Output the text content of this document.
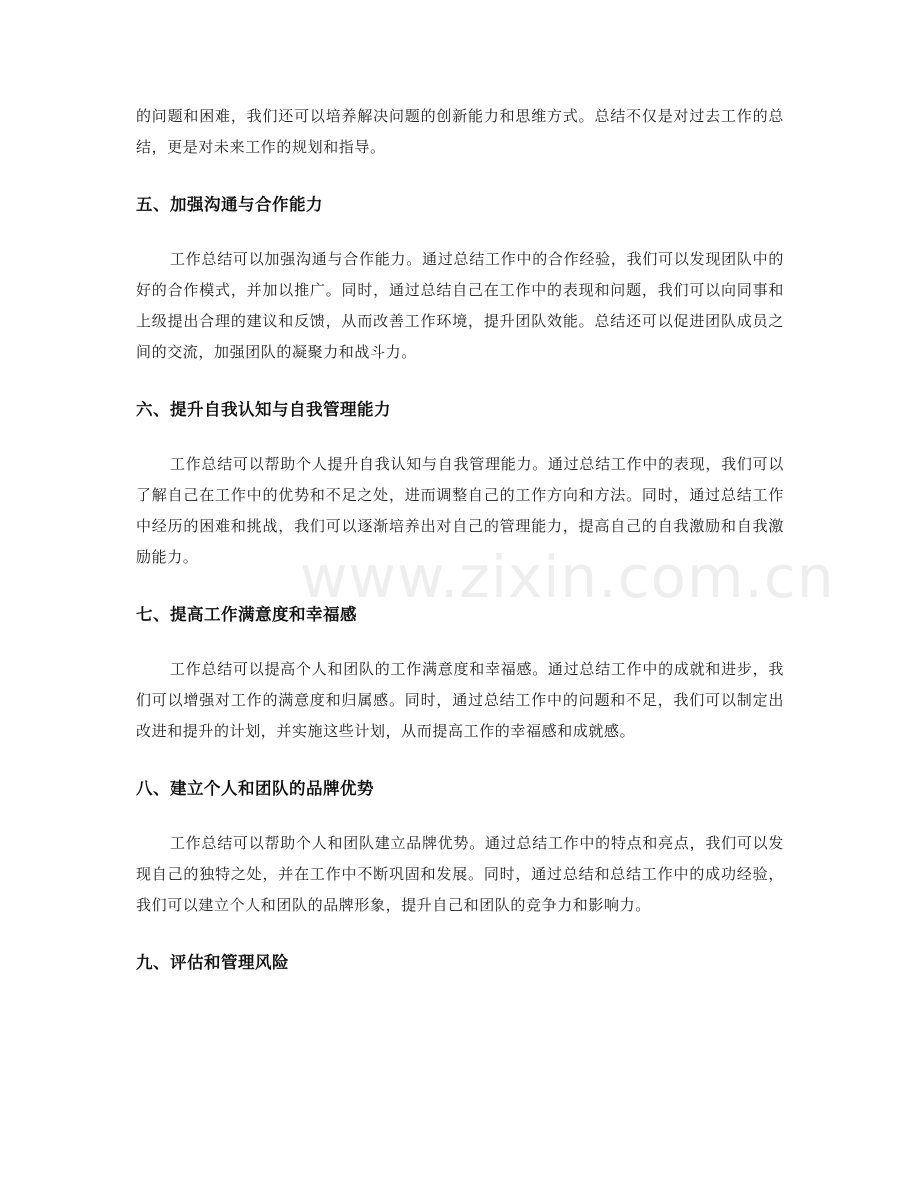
的问题和困难，我们还可以培养解决问题的创新能力和思维方式。总结不仅是对过去工作的总结，更是对未来工作的规划和指导。

五、加强沟通与合作能力

工作总结可以加强沟通与合作能力。通过总结工作中的合作经验，我们可以发现团队中的好的合作模式，并加以推广。同时，通过总结自己在工作中的表现和问题，我们可以向同事和上级提出合理的建议和反馈，从而改善工作环境，提升团队效能。总结还可以促进团队成员之间的交流，加强团队的凝聚力和战斗力。

六、提升自我认知与自我管理能力

工作总结可以帮助个人提升自我认知与自我管理能力。通过总结工作中的表现，我们可以了解自己在工作中的优势和不足之处，进而调整自己的工作方向和方法。同时，通过总结工作中经历的困难和挑战，我们可以逐渐培养出对自己的管理能力，提高自己的自我激励和自我激励能力。

七、提高工作满意度和幸福感

工作总结可以提高个人和团队的工作满意度和幸福感。通过总结工作中的成就和进步，我们可以增强对工作的满意度和归属感。同时，通过总结工作中的问题和不足，我们可以制定出改进和提升的计划，并实施这些计划，从而提高工作的幸福感和成就感。

八、建立个人和团队的品牌优势

工作总结可以帮助个人和团队建立品牌优势。通过总结工作中的特点和亮点，我们可以发现自己的独特之处，并在工作中不断巩固和发展。同时，通过总结和总结工作中的成功经验，我们可以建立个人和团队的品牌形象，提升自己和团队的竞争力和影响力。

九、评估和管理风险
www.zixin.com.cn
